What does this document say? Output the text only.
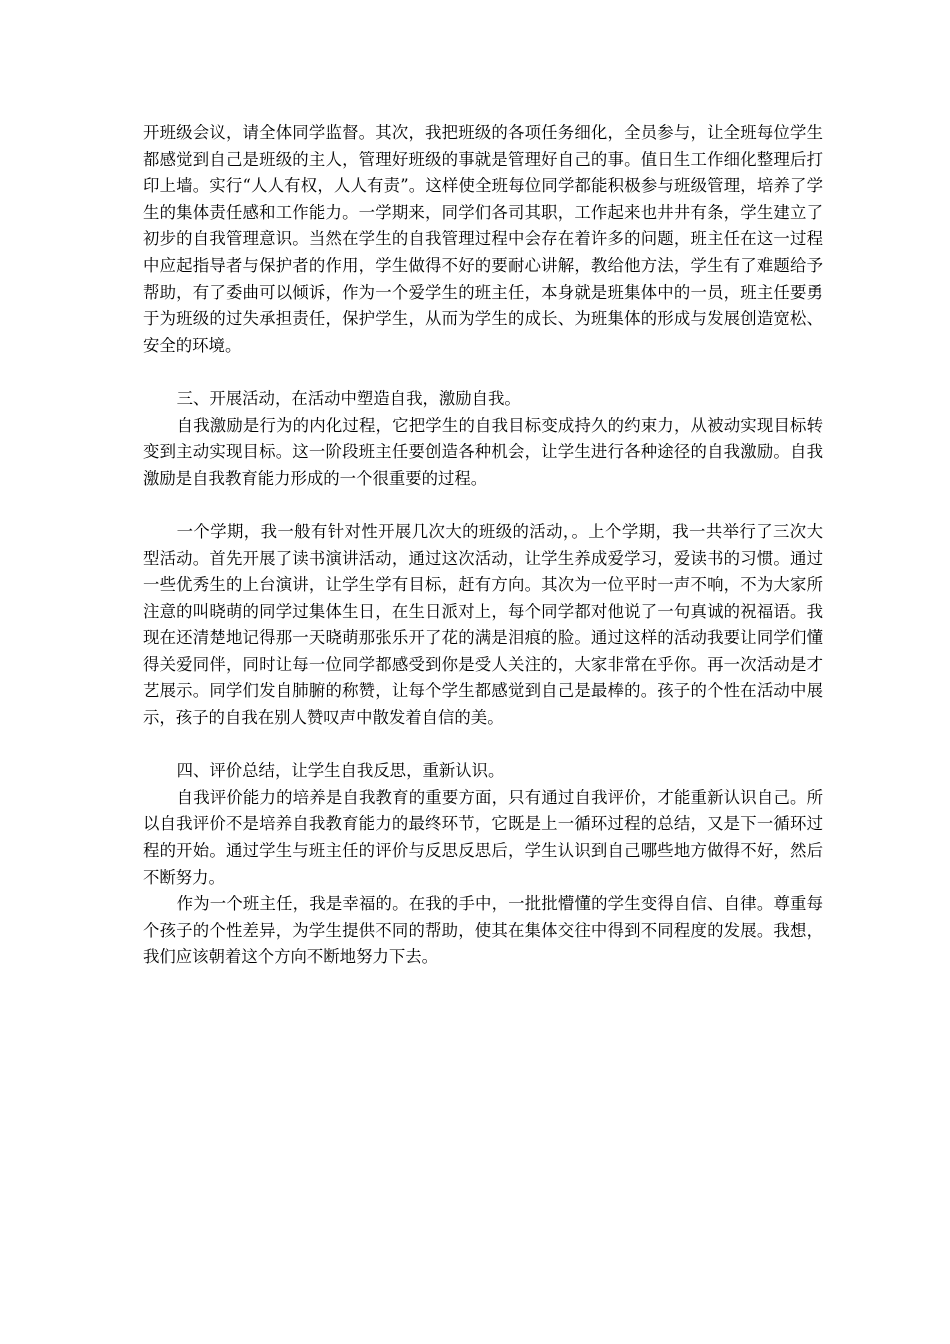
开班级会议，请全体同学监督。其次，我把班级的各项任务细化，全员参与，让全班每位学生都感觉到自己是班级的主人，管理好班级的事就是管理好自己的事。值日生工作细化整理后打印上墙。实行“人人有权，人人有责”。这样使全班每位同学都能积极参与班级管理，培养了学生的集体责任感和工作能力。一学期来，同学们各司其职，工作起来也井井有条，学生建立了初步的自我管理意识。当然在学生的自我管理过程中会存在着许多的问题，班主任在这一过程中应起指导者与保护者的作用，学生做得不好的要耐心讲解，教给他方法，学生有了难题给予帮助，有了委曲可以倾诉，作为一个爱学生的班主任，本身就是班集体中的一员，班主任要勇于为班级的过失承担责任，保护学生，从而为学生的成长、为班集体的形成与发展创造宽松、安全的环境。

三、开展活动，在活动中塑造自我，激励自我。

自我激励是行为的内化过程，它把学生的自我目标变成持久的约束力，从被动实现目标转变到主动实现目标。这一阶段班主任要创造各种机会，让学生进行各种途径的自我激励。自我激励是自我教育能力形成的一个很重要的过程。

一个学期，我一般有针对性开展几次大的班级的活动，。上个学期，我一共举行了三次大型活动。首先开展了读书演讲活动，通过这次活动，让学生养成爱学习，爱读书的习惯。通过一些优秀生的上台演讲，让学生学有目标，赶有方向。其次为一位平时一声不响，不为大家所注意的叫晓萌的同学过集体生日，在生日派对上，每个同学都对他说了一句真诚的祝福语。我现在还清楚地记得那一天晓萌那张乐开了花的满是泪痕的脸。通过这样的活动我要让同学们懂得关爱同伴，同时让每一位同学都感受到你是受人关注的，大家非常在乎你。再一次活动是才艺展示。同学们发自肺腑的称赞，让每个学生都感觉到自己是最棒的。孩子的个性在活动中展示，孩子的自我在别人赞叹声中散发着自信的美。

四、评价总结，让学生自我反思，重新认识。

自我评价能力的培养是自我教育的重要方面，只有通过自我评价，才能重新认识自己。所以自我评价不是培养自我教育能力的最终环节，它既是上一循环过程的总结，又是下一循环过程的开始。通过学生与班主任的评价与反思反思后，学生认识到自己哪些地方做得不好，然后不断努力。

作为一个班主任，我是幸福的。在我的手中，一批批懵懂的学生变得自信、自律。尊重每个孩子的个性差异，为学生提供不同的帮助，使其在集体交往中得到不同程度的发展。我想，我们应该朝着这个方向不断地努力下去。
